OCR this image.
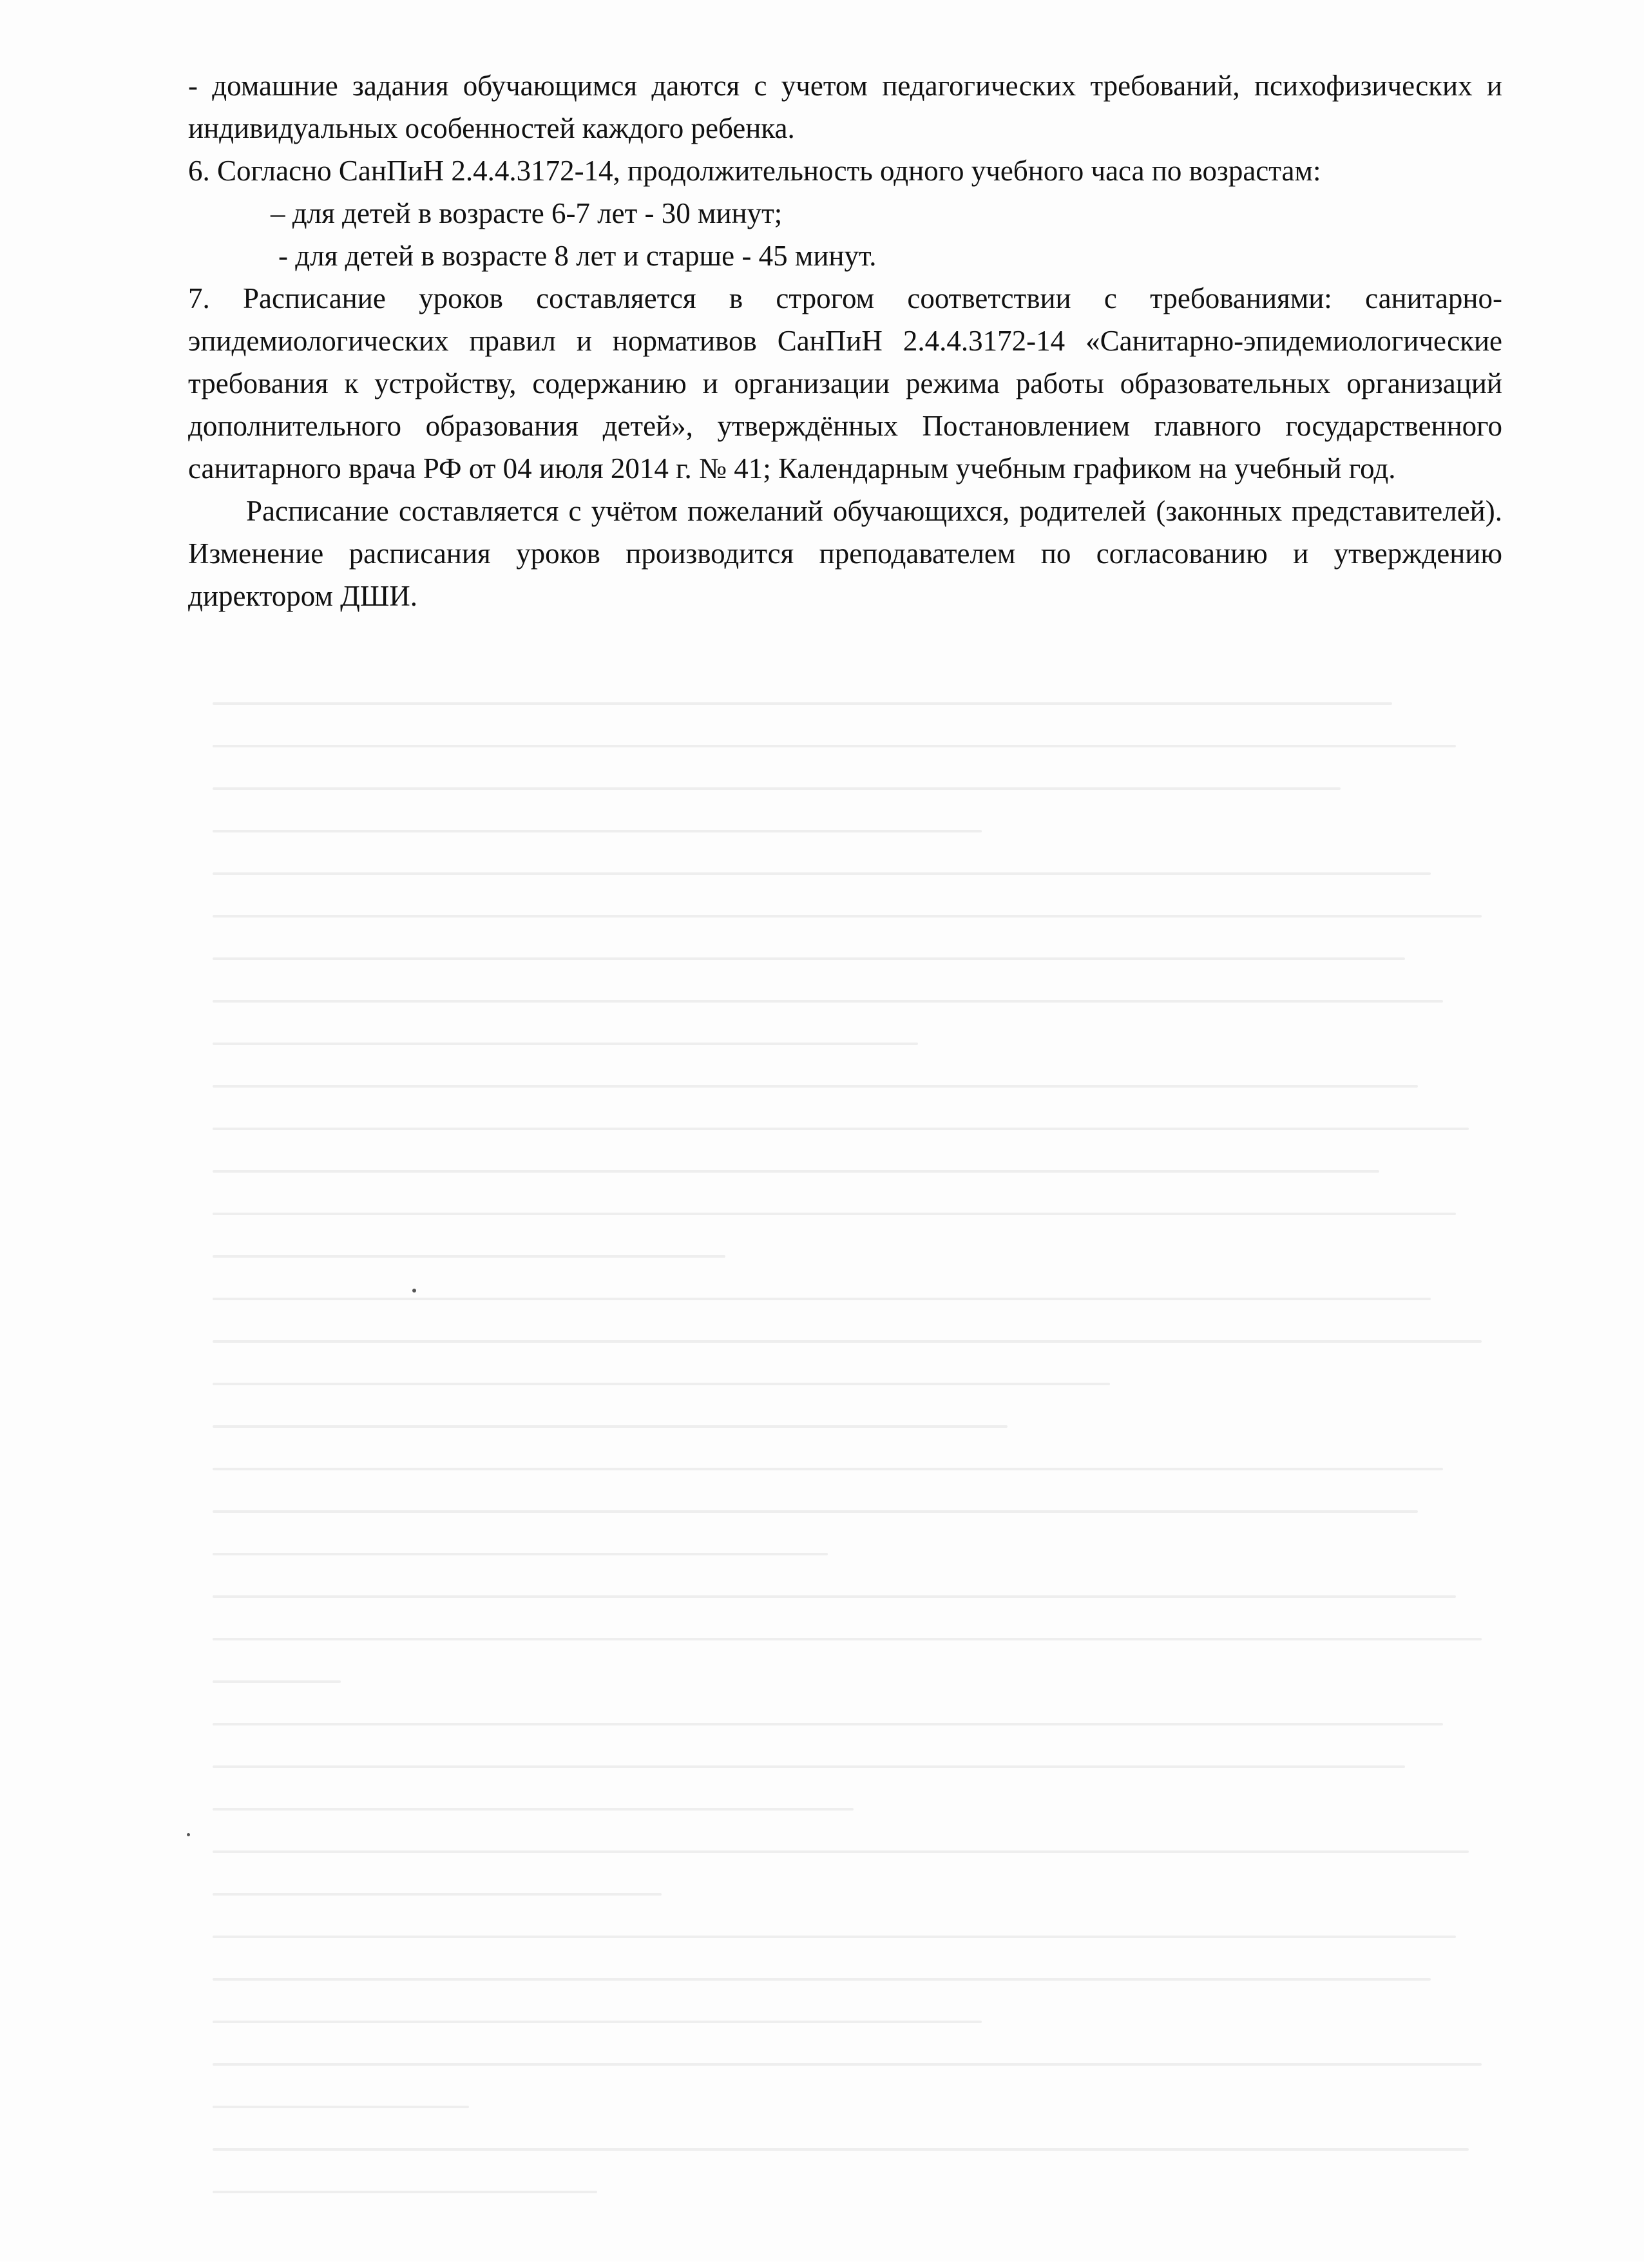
- домашние задания обучающимся даются с учетом педагогических требований, психофизических и индивидуальных особенностей каждого ребенка.

6. Согласно СанПиН 2.4.4.3172-14, продолжительность одного учебного часа по возрастам:

– для детей в возрасте 6-7 лет - 30 минут;

- для детей в возрасте 8 лет и старше - 45 минут.

7. Расписание уроков составляется в строгом соответствии с требованиями: санитарно-эпидемиологических правил и нормативов СанПиН 2.4.4.3172-14 «Санитарно-эпидемиологические требования к устройству, содержанию и организации режима работы образовательных организаций дополнительного образования детей», утверждённых Постановлением главного государственного санитарного врача РФ от 04 июля 2014 г. № 41; Календарным учебным графиком на учебный год.

Расписание составляется с учётом пожеланий обучающихся, родителей (законных представителей). Изменение расписания уроков производится преподавателем по согласованию и утверждению директором ДШИ.
